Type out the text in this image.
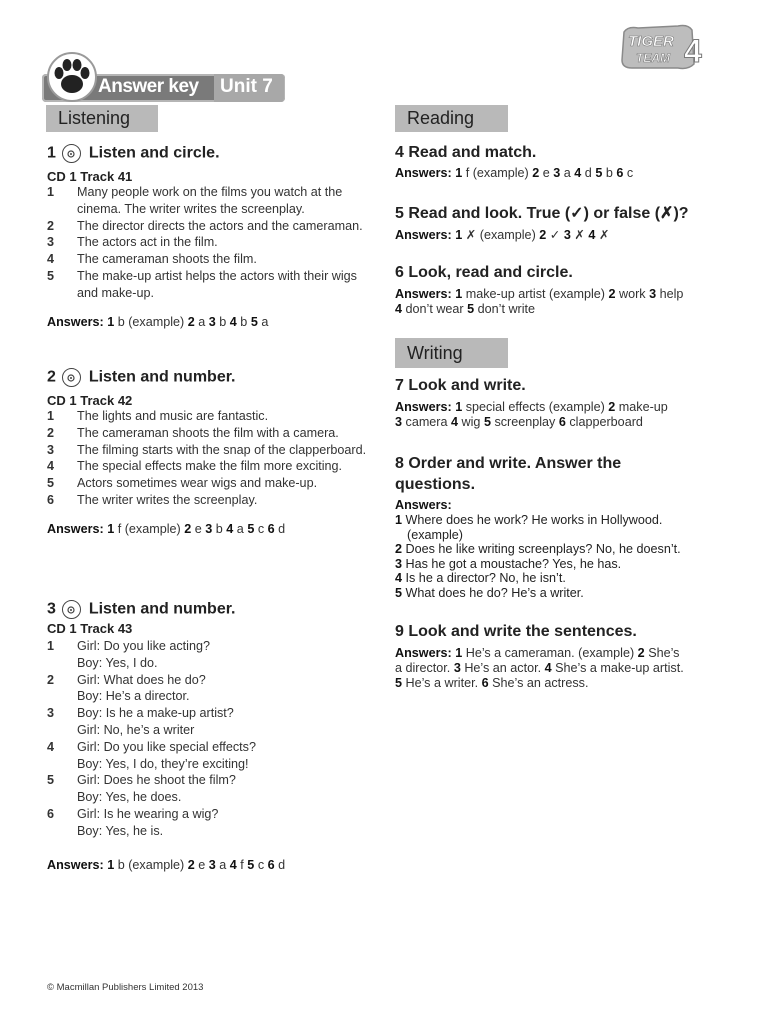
TIGER
TEAM 4
Answer key Unit 7
Listening
1 Listen and circle.
CD 1 Track 41
1 Many people work on the films you watch at the cinema. The writer writes the screenplay.
2 The director directs the actors and the cameraman.
3 The actors act in the film.
4 The cameraman shoots the film.
5 The make-up artist helps the actors with their wigs and make-up.
Answers: 1 b (example) 2 a 3 b 4 b 5 a
2 Listen and number.
CD 1 Track 42
1 The lights and music are fantastic.
2 The cameraman shoots the film with a camera.
3 The filming starts with the snap of the clapperboard.
4 The special effects make the film more exciting.
5 Actors sometimes wear wigs and make-up.
6 The writer writes the screenplay.
Answers: 1 f (example) 2 e 3 b 4 a 5 c 6 d
3 Listen and number.
CD 1 Track 43
1 Girl: Do you like acting?
Boy: Yes, I do.
2 Girl: What does he do?
Boy: He’s a director.
3 Boy: Is he a make-up artist?
Girl: No, he’s a writer
4 Girl: Do you like special effects?
Boy: Yes, I do, they’re exciting!
5 Girl: Does he shoot the film?
Boy: Yes, he does.
6 Girl: Is he wearing a wig?
Boy: Yes, he is.
Answers: 1 b (example) 2 e 3 a 4 f 5 c 6 d
Reading
4 Read and match.
Answers: 1 f (example) 2 e 3 a 4 d 5 b 6 c
5 Read and look. True (✓) or false (✗)?
Answers: 1 ✗ (example) 2 ✓ 3 ✗ 4 ✗
6 Look, read and circle.
Answers: 1 make-up artist (example) 2 work 3 help
4 don’t wear 5 don’t write
Writing
7 Look and write.
Answers: 1 special effects (example) 2 make-up
3 camera 4 wig 5 screenplay 6 clapperboard
8 Order and write. Answer the
questions.
Answers:
1 Where does he work? He works in Hollywood.
(example)
2 Does he like writing screenplays? No, he doesn’t.
3 Has he got a moustache? Yes, he has.
4 Is he a director? No, he isn’t.
5 What does he do? He’s a writer.
9 Look and write the sentences.
Answers: 1 He’s a cameraman. (example) 2 She’s
a director. 3 He’s an actor. 4 She’s a make-up artist.
5 He’s a writer. 6 She’s an actress.
© Macmillan Publishers Limited 2013
